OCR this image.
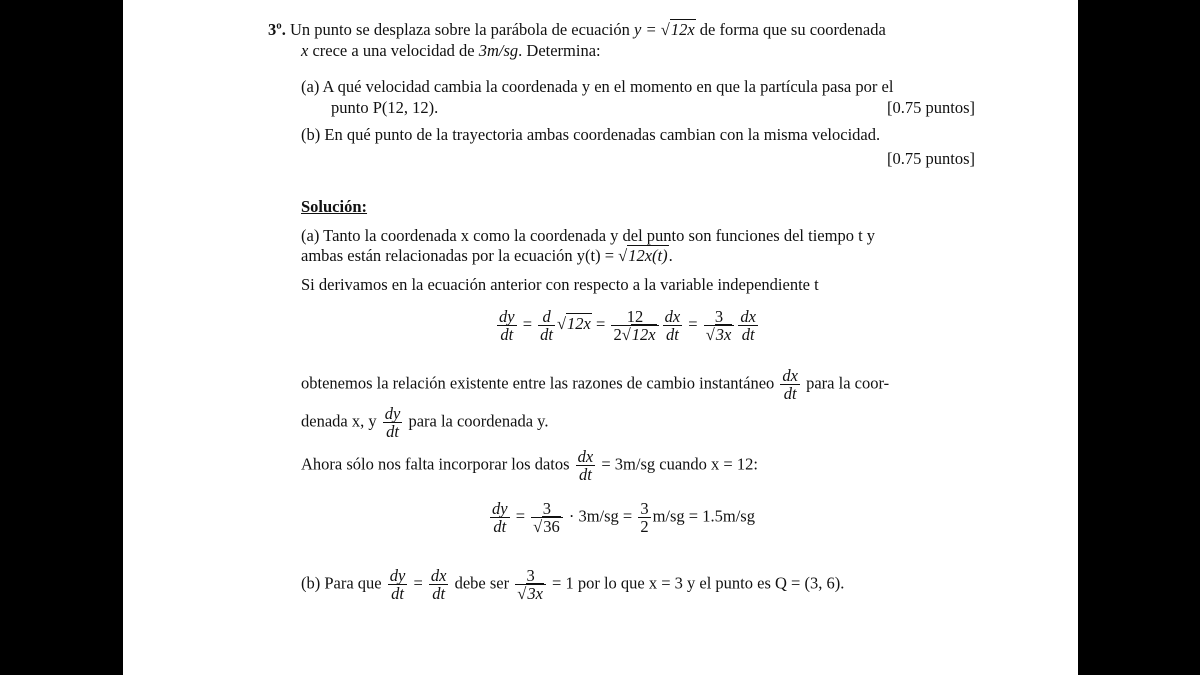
3º. Un punto se desplaza sobre la parábola de ecuación y = √12x de forma que su coordenada
x crece a una velocidad de 3m/sg. Determina:
(a) A qué velocidad cambia la coordenada y en el momento en que la partícula pasa por el
punto P(12, 12).	[0.75 puntos]
(b) En qué punto de la trayectoria ambas coordenadas cambian con la misma velocidad.
[0.75 puntos]
Solución:
(a) Tanto la coordenada x como la coordenada y del punto son funciones del tiempo t y
ambas están relacionadas por la ecuación y(t) = √12x(t).
Si derivamos en la ecuación anterior con respecto a la variable independiente t
$\frac{dy}{dt} = \frac{d}{dt} √12x = \frac{12}{2√12x} \frac{dx}{dt} = \frac{3}{√3x} \frac{dx}{dt}$
obtenemos la relación existente entre las razones de cambio instantáneo $\frac{dx}{dt}$ para la coor-
denada x, y $\frac{dy}{dt}$ para la coordenada y.
Ahora sólo nos falta incorporar los datos $\frac{dx}{dt} = 3m/sg$ cuando x = 12:
$\frac{dy}{dt} = \frac{3}{√36} \cdot 3m/sg = \frac{3}{2} m/sg = 1.5m/sg$
(b) Para que $\frac{dy}{dt} = \frac{dx}{dt}$ debe ser $\frac{3}{√3x} = 1$ por lo que x = 3 y el punto es Q = (3, 6).
